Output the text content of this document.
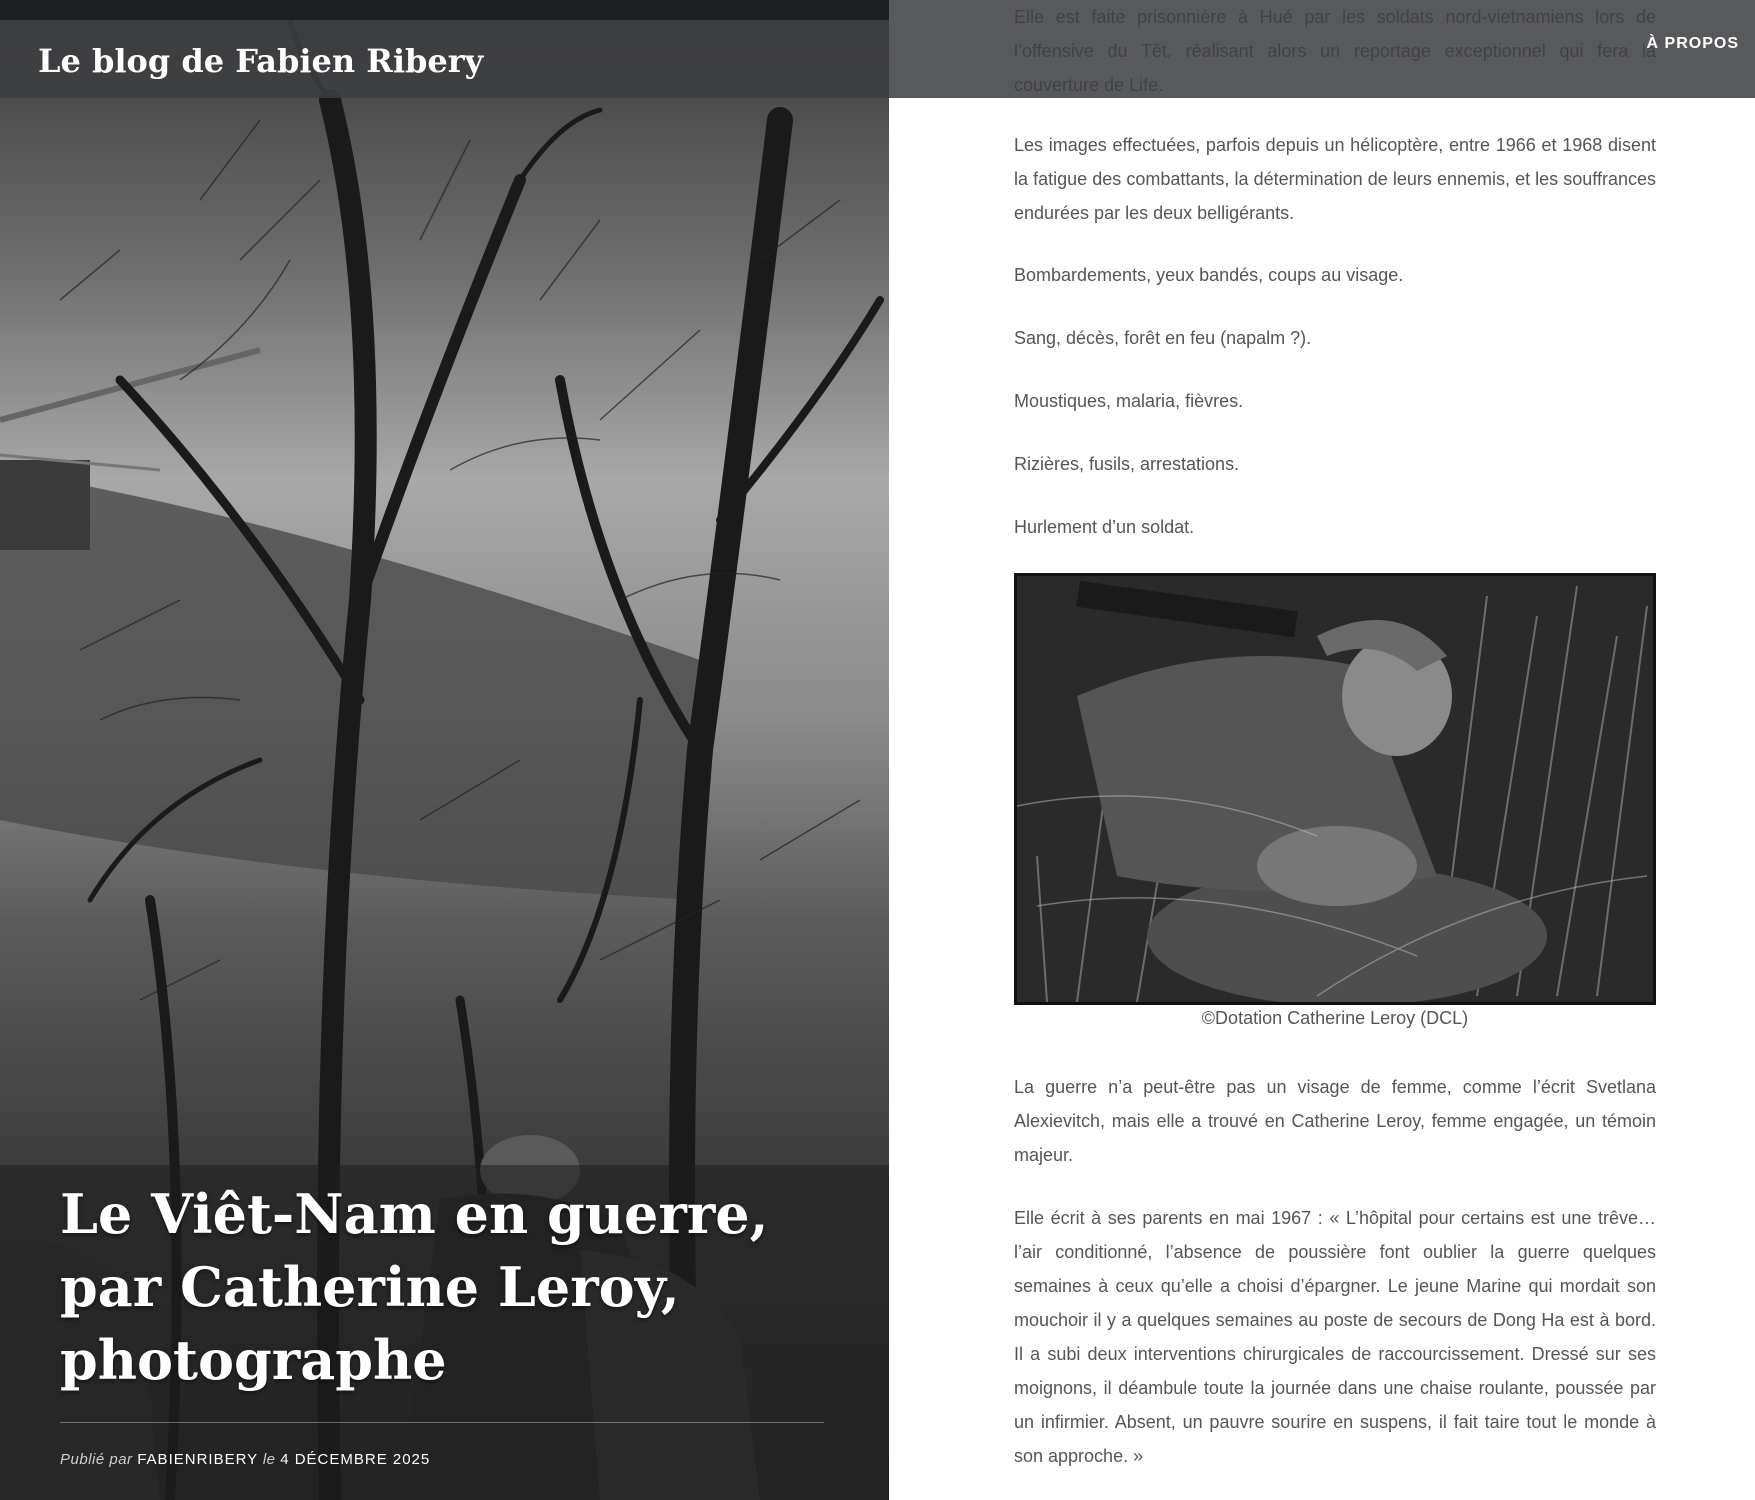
Le Viêt-Nam en guerre, par Catherine Leroy, photographe
Publié par FABIENRIBERY le 4 DÉCEMBRE 2025
Le blog de Fabien Ribery	À PROPOS

Les images effectuées, parfois depuis un hélicoptère, entre 1966 et 1968 disent la fatigue des combattants, la détermination de leurs ennemis, et les souffrances endurées par les deux belligérants.

Bombardements, yeux bandés, coups au visage.

Sang, décès, forêt en feu (napalm ?).

Moustiques, malaria, fièvres.

Rizières, fusils, arrestations.

Hurlement d’un soldat.

La guerre n’a peut-être pas un visage de femme, comme l’écrit Svetlana Alexievitch, mais elle a trouvé en Catherine Leroy, femme engagée, un témoin majeur.

Elle écrit à ses parents en mai 1967 : « L’hôpital pour certains est une trêve… l’air conditionné, l’absence de poussière font oublier la guerre quelques semaines à ceux qu’elle a choisi d’épargner. Le jeune Marine qui mordait son mouchoir il y a quelques semaines au poste de secours de Dong Ha est à bord. Il a subi deux interventions chirurgicales de raccourcissement. Dressé sur ses moignons, il déambule toute la journée dans une chaise roulante, poussée par un infirmier. Absent, un pauvre sourire en suspens, il fait taire tout le monde à son approche. »

©Dotation Catherine Leroy (DCL)
